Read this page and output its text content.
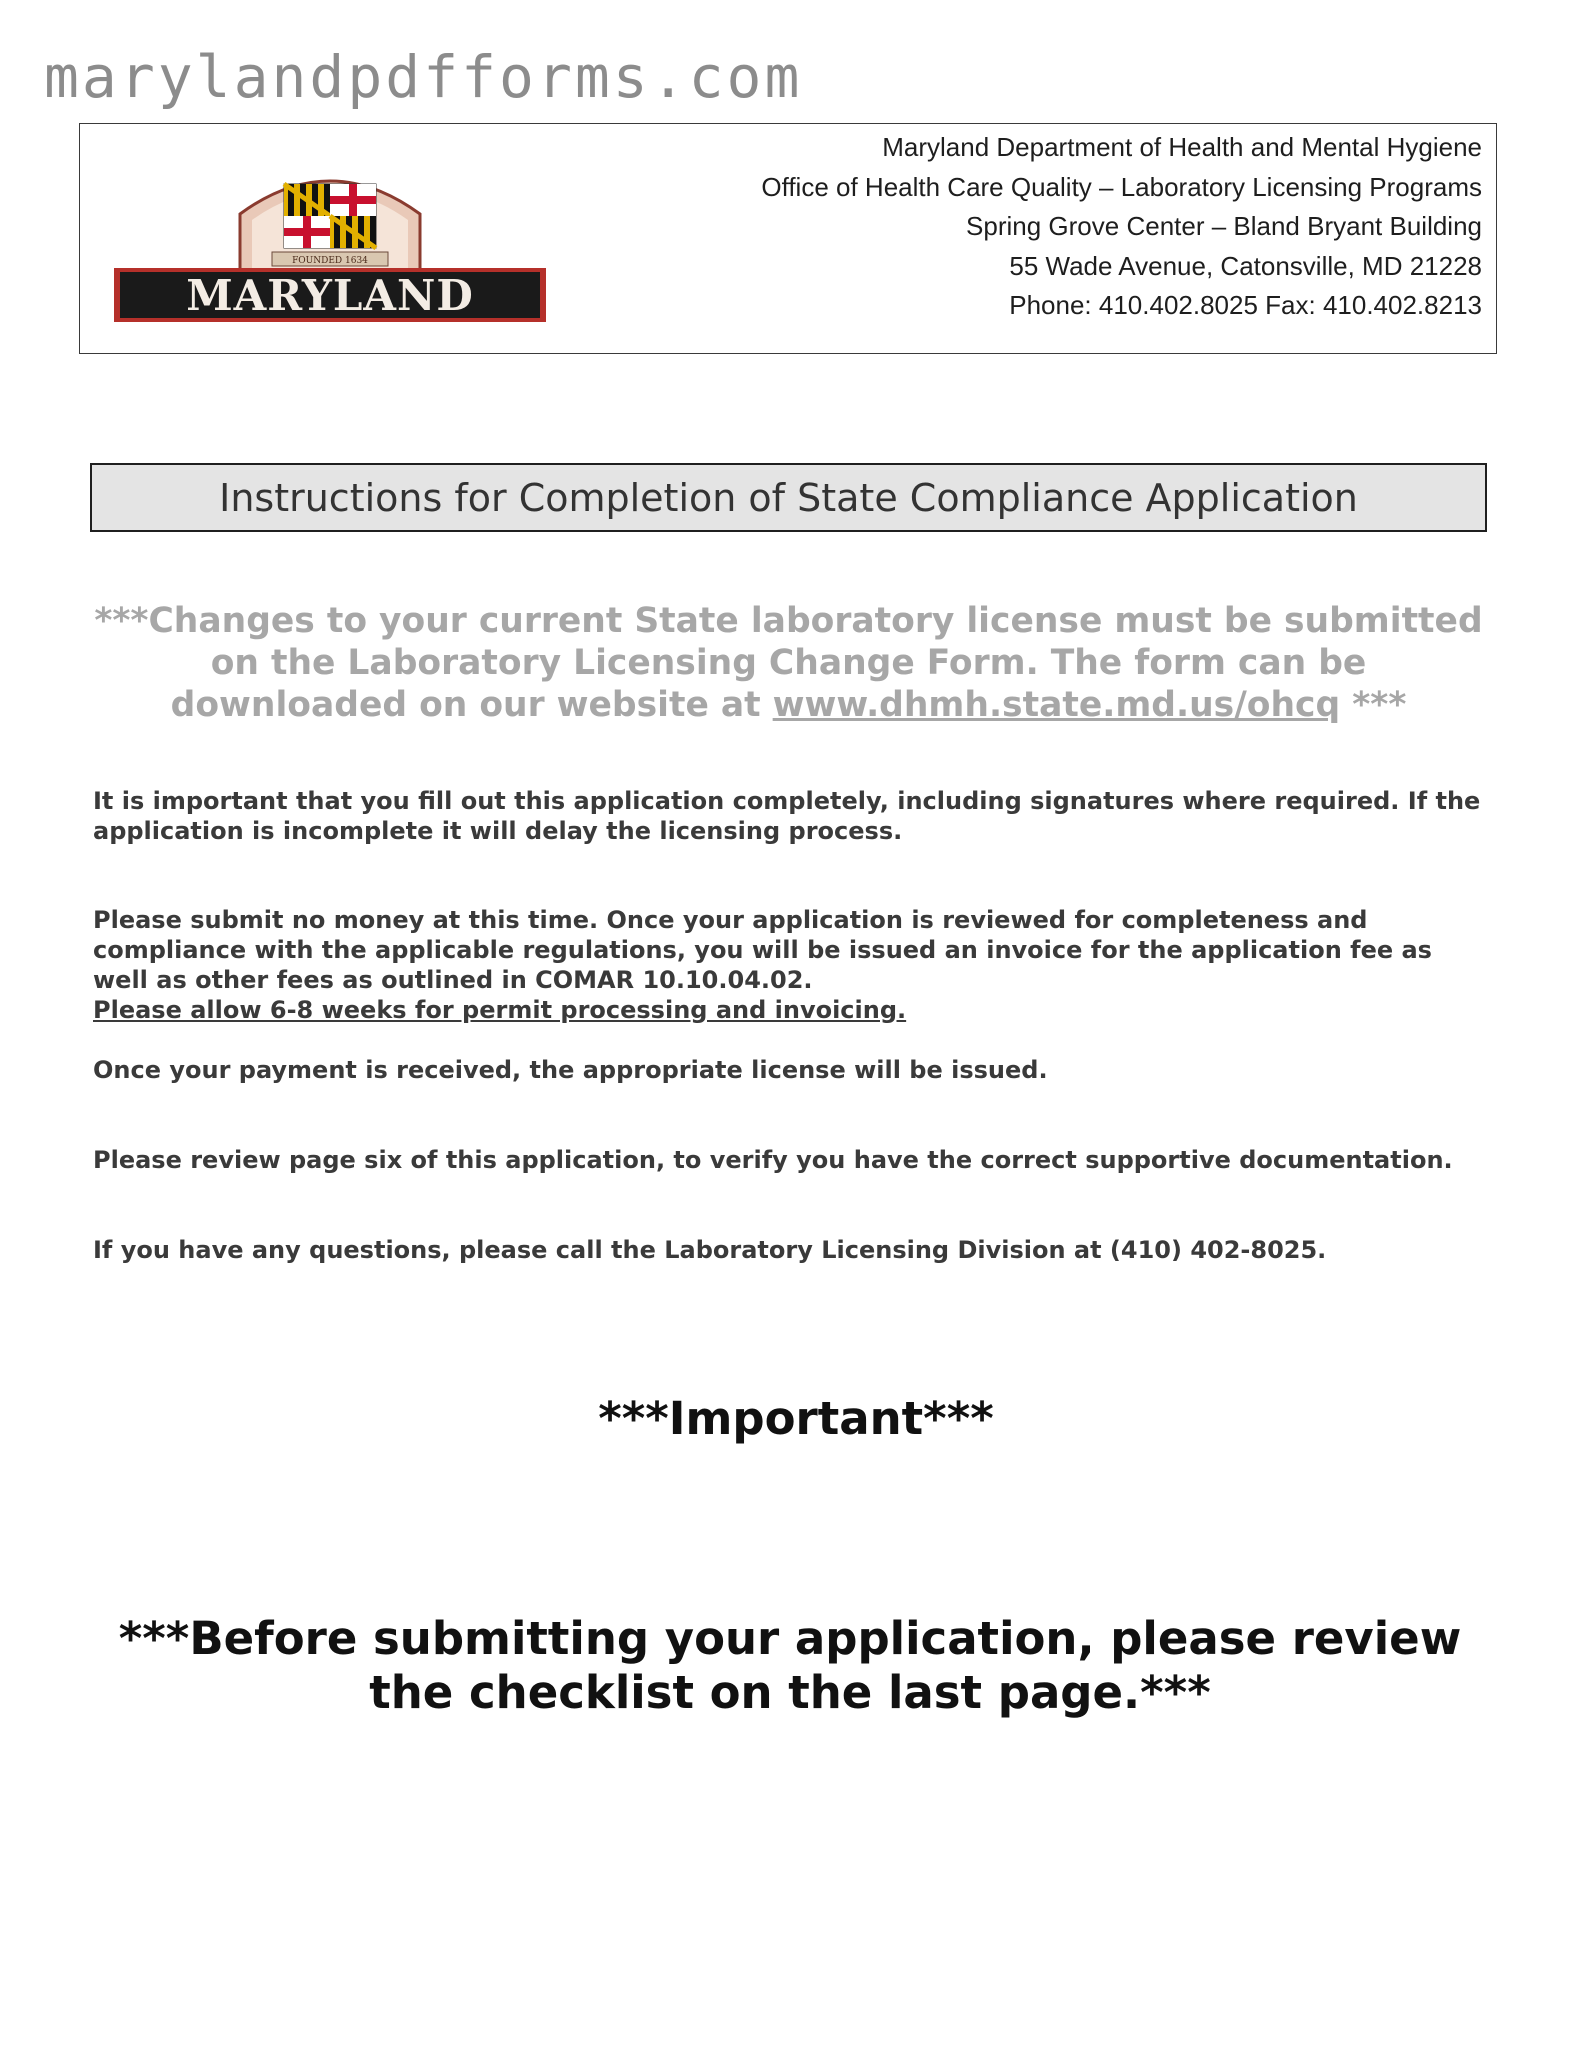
marylandpdfforms.com
FOUNDED 1634
MARYLAND
Maryland Department of Health and Mental Hygiene
Office of Health Care Quality – Laboratory Licensing Programs
Spring Grove Center – Bland Bryant Building
55 Wade Avenue, Catonsville, MD 21228
Phone: 410.402.8025 Fax: 410.402.8213
Instructions for Completion of State Compliance Application
***Changes to your current State laboratory license must be submitted on the Laboratory Licensing Change Form. The form can be downloaded on our website at www.dhmh.state.md.us/ohcq ***
It is important that you fill out this application completely, including signatures where required. If the application is incomplete it will delay the licensing process.
Please submit no money at this time. Once your application is reviewed for completeness and compliance with the applicable regulations, you will be issued an invoice for the application fee as well as other fees as outlined in COMAR 10.10.04.02.
Please allow 6-8 weeks for permit processing and invoicing.
Once your payment is received, the appropriate license will be issued.
Please review page six of this application, to verify you have the correct supportive documentation.
If you have any questions, please call the Laboratory Licensing Division at (410) 402-8025.
***Important***
***Before submitting your application, please review the checklist on the last page.***
